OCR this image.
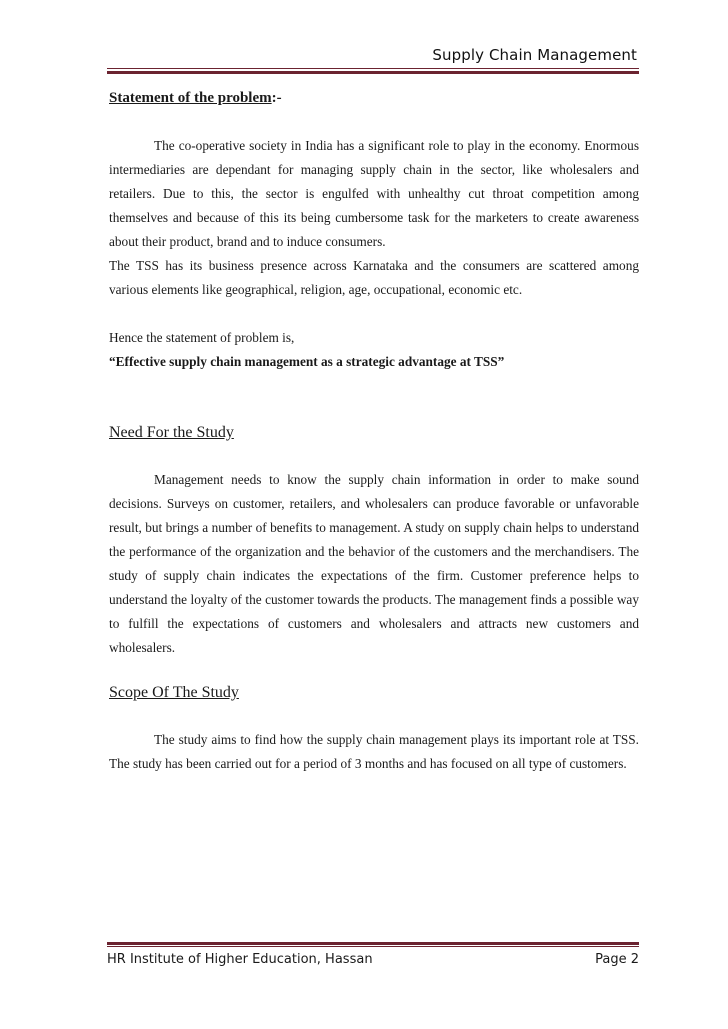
Supply Chain Management
Statement of the problem:-

The co-operative society in India has a significant role to play in the economy. Enormous intermediaries are dependant for managing supply chain in the sector, like wholesalers and retailers. Due to this, the sector is engulfed with unhealthy cut throat competition among themselves and because of this its being cumbersome task for the marketers to create awareness about their product, brand and to induce consumers.

The TSS has its business presence across Karnataka and the consumers are scattered among various elements like geographical, religion, age, occupational, economic etc.

Hence the statement of problem is,

“Effective supply chain management as a strategic advantage at TSS”

Need For the Study

Management needs to know the supply chain information in order to make sound decisions. Surveys on customer, retailers, and wholesalers can produce favorable or unfavorable result, but brings a number of benefits to management. A study on supply chain helps to understand the performance of the organization and the behavior of the customers and the merchandisers. The study of supply chain indicates the expectations of the firm. Customer preference helps to understand the loyalty of the customer towards the products. The management finds a possible way to fulfill the expectations of customers and wholesalers and attracts new customers and wholesalers.

Scope Of The Study

The study aims to find how the supply chain management plays its important role at TSS. The study has been carried out for a period of 3 months and has focused on all type of customers.

HR Institute of Higher Education, Hassan	Page 2
